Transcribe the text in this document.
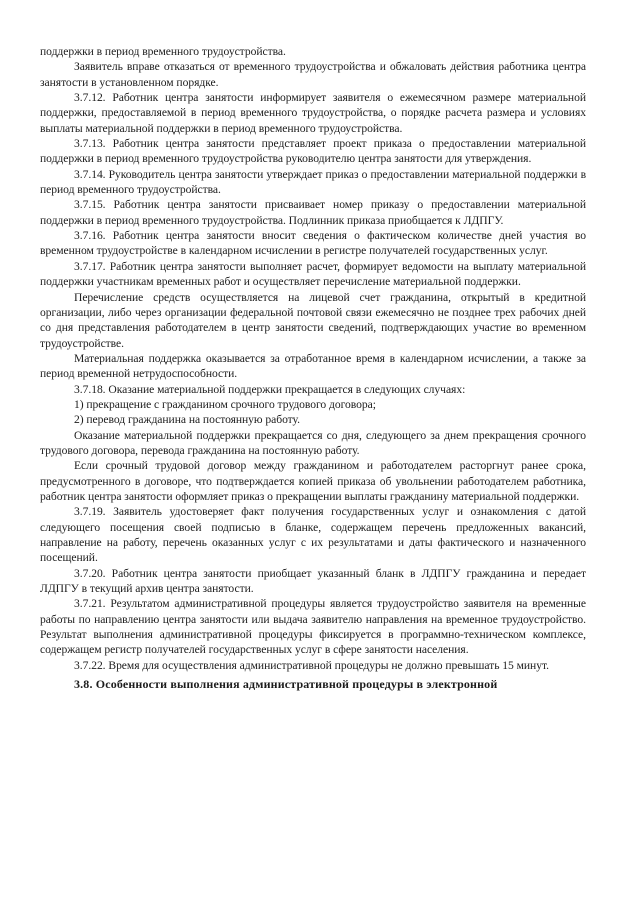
поддержки в период временного трудоустройства.

Заявитель вправе отказаться от временного трудоустройства и обжаловать действия работника центра занятости в установленном порядке.

3.7.12. Работник центра занятости информирует заявителя о ежемесячном размере материальной поддержки, предоставляемой в период временного трудоустройства, о порядке расчета размера и условиях выплаты материальной поддержки в период временного трудоустройства.

3.7.13. Работник центра занятости представляет проект приказа о предоставлении материальной поддержки в период временного трудоустройства руководителю центра занятости для утверждения.

3.7.14. Руководитель центра занятости утверждает приказ о предоставлении материальной поддержки в период временного трудоустройства.

3.7.15. Работник центра занятости присваивает номер приказу о предоставлении материальной поддержки в период временного трудоустройства. Подлинник приказа приобщается к ЛДПГУ.

3.7.16. Работник центра занятости вносит сведения о фактическом количестве дней участия во временном трудоустройстве в календарном исчислении в регистре получателей государственных услуг.

3.7.17. Работник центра занятости выполняет расчет, формирует ведомости на выплату материальной поддержки участникам временных работ и осуществляет перечисление материальной поддержки.

Перечисление средств осуществляется на лицевой счет гражданина, открытый в кредитной организации, либо через организации федеральной почтовой связи ежемесячно не позднее трех рабочих дней со дня представления работодателем в центр занятости сведений, подтверждающих участие во временном трудоустройстве.

Материальная поддержка оказывается за отработанное время в календарном исчислении, а также за период временной нетрудоспособности.

3.7.18. Оказание материальной поддержки прекращается в следующих случаях:

1) прекращение с гражданином срочного трудового договора;

2) перевод гражданина на постоянную работу.

Оказание материальной поддержки прекращается со дня, следующего за днем прекращения срочного трудового договора, перевода гражданина на постоянную работу.

Если срочный трудовой договор между гражданином и работодателем расторгнут ранее срока, предусмотренного в договоре, что подтверждается копией приказа об увольнении работодателем работника, работник центра занятости оформляет приказ о прекращении выплаты гражданину материальной поддержки.

3.7.19. Заявитель удостоверяет факт получения государственных услуг и ознакомления с датой следующего посещения своей подписью в бланке, содержащем перечень предложенных вакансий, направление на работу, перечень оказанных услуг с их результатами и даты фактического и назначенного посещений.

3.7.20. Работник центра занятости приобщает указанный бланк в ЛДПГУ гражданина и передает ЛДПГУ в текущий архив центра занятости.

3.7.21. Результатом административной процедуры является трудоустройство заявителя на временные работы по направлению центра занятости или выдача заявителю направления на временное трудоустройство. Результат выполнения административной процедуры фиксируется в программно-техническом комплексе, содержащем регистр получателей государственных услуг в сфере занятости населения.

3.7.22. Время для осуществления административной процедуры не должно превышать 15 минут.

3.8. Особенности выполнения административной процедуры в электронной
